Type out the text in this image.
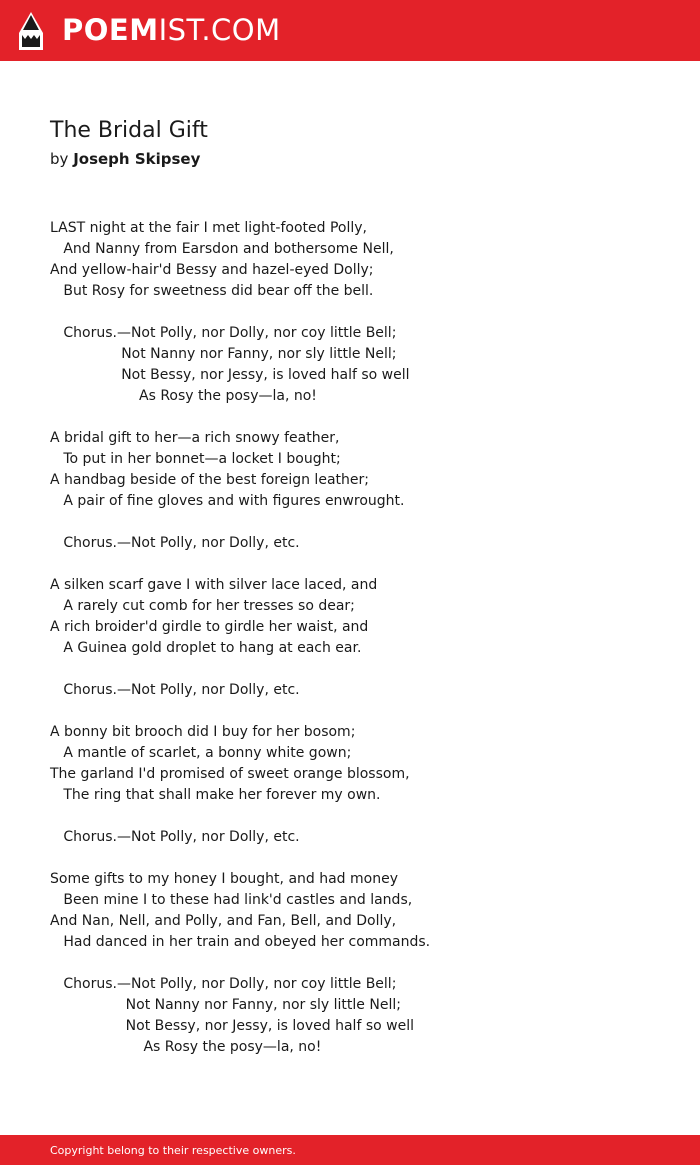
POEMIST.COM
The Bridal Gift
by Joseph Skipsey
LAST night at the fair I met light-footed Polly,
And Nanny from Earsdon and bothersome Nell,
And yellow-hair'd Bessy and hazel-eyed Dolly;
But Rosy for sweetness did bear off the bell.
Chorus.—Not Polly, nor Dolly, nor coy little Bell;
Not Nanny nor Fanny, nor sly little Nell;
Not Bessy, nor Jessy, is loved half so well
As Rosy the posy—la, no!
A bridal gift to her—a rich snowy feather,
To put in her bonnet—a locket I bought;
A handbag beside of the best foreign leather;
A pair of fine gloves and with figures enwrought.
Chorus.—Not Polly, nor Dolly, etc.
A silken scarf gave I with silver lace laced, and
A rarely cut comb for her tresses so dear;
A rich broider'd girdle to girdle her waist, and
A Guinea gold droplet to hang at each ear.
Chorus.—Not Polly, nor Dolly, etc.
A bonny bit brooch did I buy for her bosom;
A mantle of scarlet, a bonny white gown;
The garland I'd promised of sweet orange blossom,
The ring that shall make her forever my own.
Chorus.—Not Polly, nor Dolly, etc.
Some gifts to my honey I bought, and had money
Been mine I to these had link'd castles and lands,
And Nan, Nell, and Polly, and Fan, Bell, and Dolly,
Had danced in her train and obeyed her commands.
Chorus.—Not Polly, nor Dolly, nor coy little Bell;
Not Nanny nor Fanny, nor sly little Nell;
Not Bessy, nor Jessy, is loved half so well
As Rosy the posy—la, no!
Copyright belong to their respective owners.
